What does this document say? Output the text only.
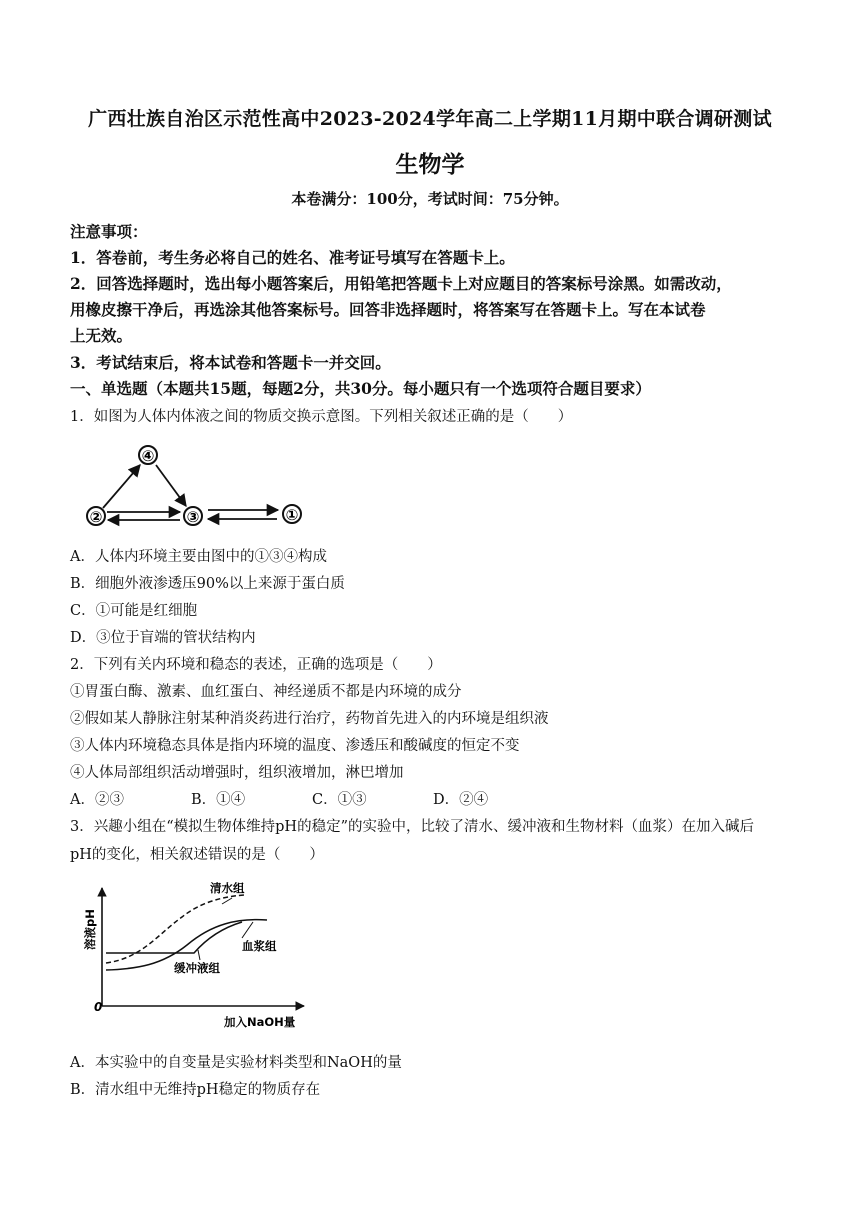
广西壮族自治区示范性高中2023-2024学年高二上学期11月期中联合调研测试
生物学
本卷满分：100分，考试时间：75分钟。
注意事项：
1．答卷前，考生务必将自己的姓名、准考证号填写在答题卡上。
2．回答选择题时，选出每小题答案后，用铅笔把答题卡上对应题目的答案标号涂黑。如需改动，
用橡皮擦干净后，再选涂其他答案标号。回答非选择题时，将答案写在答题卡上。写在本试卷
上无效。
3．考试结束后，将本试卷和答题卡一并交回。
一、单选题（本题共15题，每题2分，共30分。每小题只有一个选项符合题目要求）
1．如图为人体内体液之间的物质交换示意图。下列相关叙述正确的是（　　）
②
④
③	①
A．人体内环境主要由图中的①③④构成
B．细胞外液渗透压90%以上来源于蛋白质
C．①可能是红细胞
D．③位于盲端的管状结构内
2．下列有关内环境和稳态的表述，正确的选项是（　　）
①胃蛋白酶、激素、血红蛋白、神经递质不都是内环境的成分
②假如某人静脉注射某种消炎药进行治疗，药物首先进入的内环境是组织液
③人体内环境稳态具体是指内环境的温度、渗透压和酸碱度的恒定不变
④人体局部组织活动增强时，组织液增加，淋巴增加
A．②③	B．①④	C．①③	D．②④
3．兴趣小组在“模拟生物体维持pH的稳定”的实验中，比较了清水、缓冲液和生物材料（血浆）在加入碱后
pH的变化，相关叙述错误的是（　　）
0
溶液pH
加入NaOH量
清水组
血浆组
缓冲液组
A．本实验中的自变量是实验材料类型和NaOH的量
B．清水组中无维持pH稳定的物质存在
